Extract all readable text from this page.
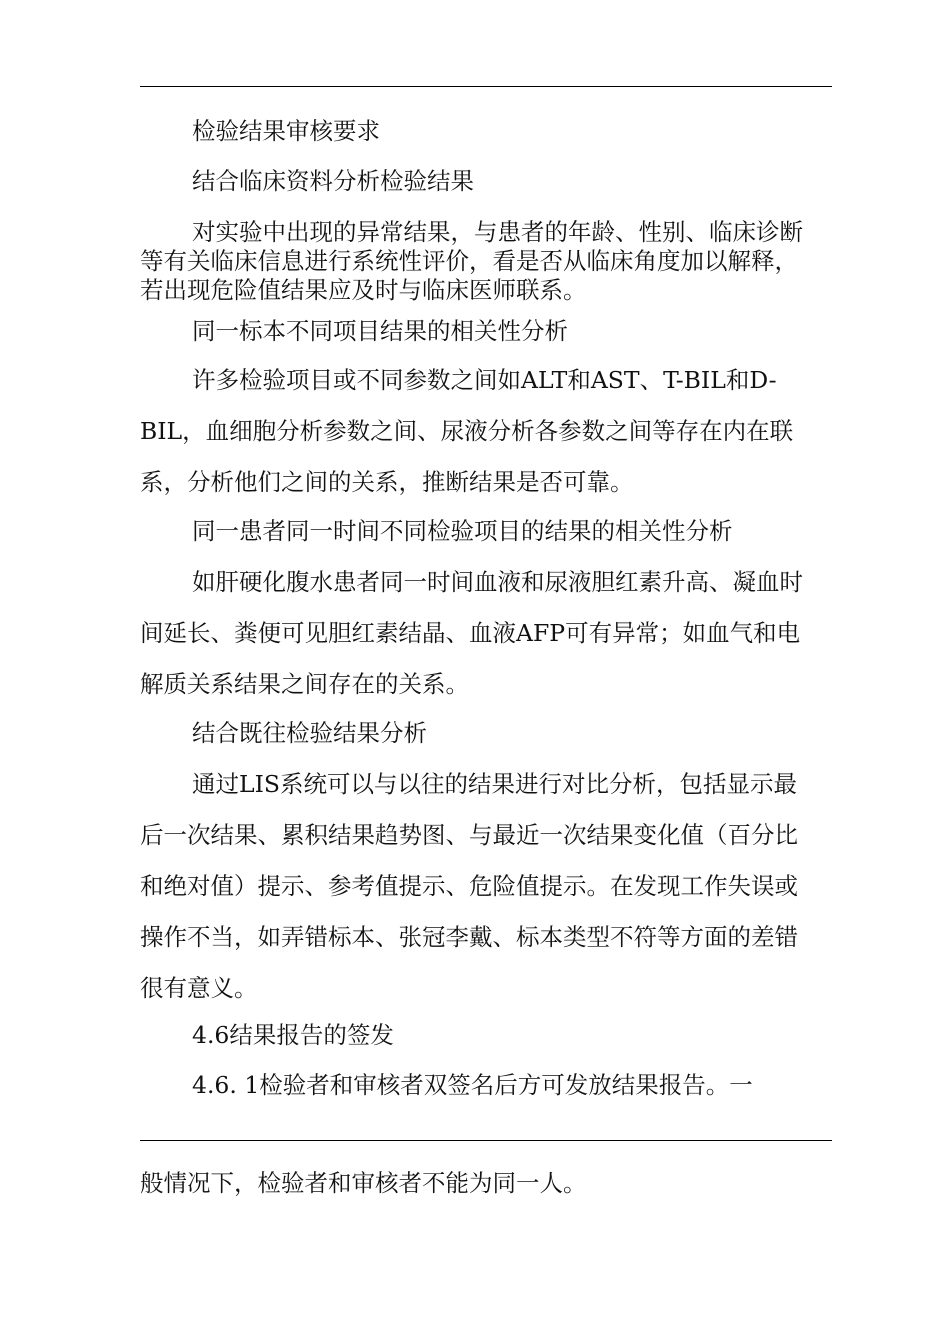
检验结果审核要求
结合临床资料分析检验结果
对实验中出现的异常结果，与患者的年龄、性别、临床诊断
等有关临床信息进行系统性评价，看是否从临床角度加以解释，
若出现危险值结果应及时与临床医师联系。
同一标本不同项目结果的相关性分析
许多检验项目或不同参数之间如ALT和AST、T-BIL和D-
BIL，血细胞分析参数之间、尿液分析各参数之间等存在内在联
系，分析他们之间的关系，推断结果是否可靠。
同一患者同一时间不同检验项目的结果的相关性分析
如肝硬化腹水患者同一时间血液和尿液胆红素升高、凝血时
间延长、粪便可见胆红素结晶、血液AFP可有异常；如血气和电
解质关系结果之间存在的关系。
结合既往检验结果分析
通过LIS系统可以与以往的结果进行对比分析，包括显示最
后一次结果、累积结果趋势图、与最近一次结果变化值（百分比
和绝对值）提示、参考值提示、危险值提示。在发现工作失误或
操作不当，如弄错标本、张冠李戴、标本类型不符等方面的差错
很有意义。
4.6结果报告的签发
4.6. 1检验者和审核者双签名后方可发放结果报告。一
般情况下，检验者和审核者不能为同一人。
